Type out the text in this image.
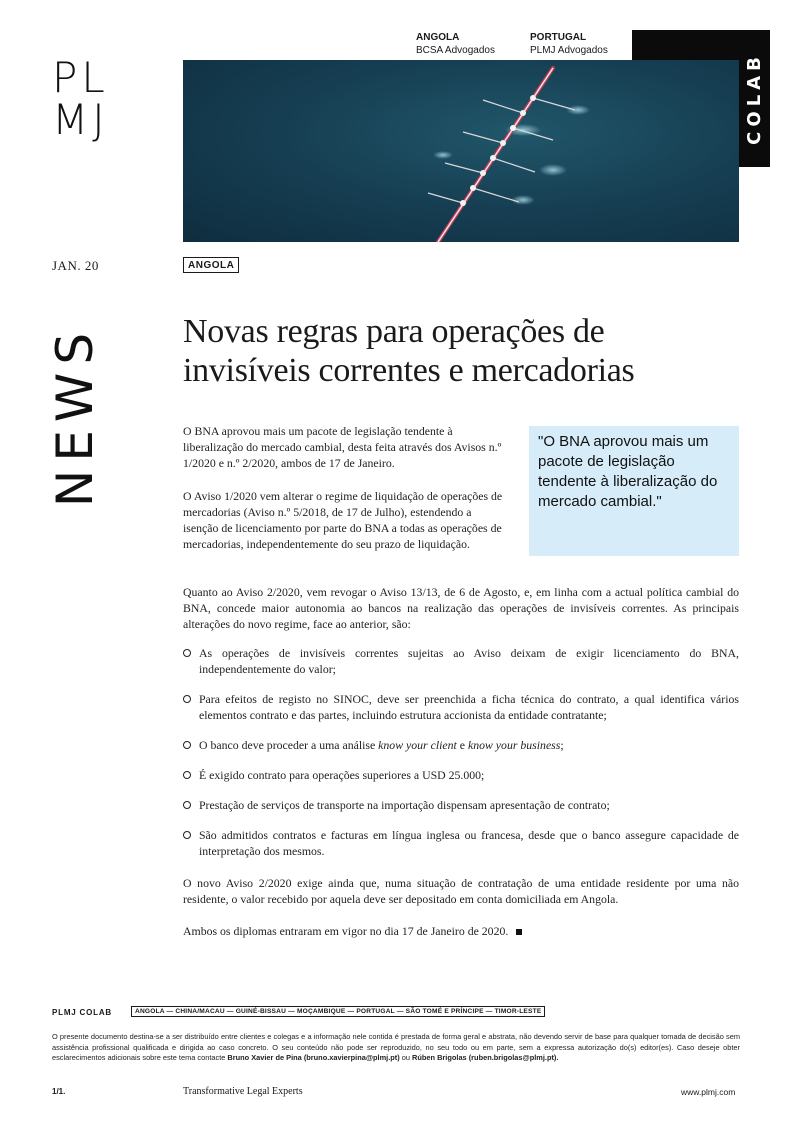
PL
MJ
ANGOLA
BCSA Advogados
PORTUGAL
PLMJ Advogados
COLAB
JAN. 20	ANGOLA
NEWS Novas regras para operações de
invisíveis correntes e mercadorias
O BNA aprovou mais um pacote de legislação tendente à liberalização do mercado cambial, desta feita através dos Avisos n.º 1/2020 e n.º 2/2020, ambos de 17 de Janeiro.
O Aviso 1/2020 vem alterar o regime de liquidação de operações de mercadorias (Aviso n.º 5/2018, de 17 de Julho), estendendo a isenção de licenciamento por parte do BNA a todas as operações de mercadorias, independentemente do seu prazo de liquidação.
"O BNA aprovou mais um pacote de legislação tendente à liberalização do mercado cambial."
Quanto ao Aviso 2/2020, vem revogar o Aviso 13/13, de 6 de Agosto, e, em linha com a actual política cambial do BNA, concede maior autonomia ao bancos na realização das operações de invisíveis correntes. As principais alterações do novo regime, face ao anterior, são:
As operações de invisíveis correntes sujeitas ao Aviso deixam de exigir licenciamento do BNA, independentemente do valor;
Para efeitos de registo no SINOC, deve ser preenchida a ficha técnica do contrato, a qual identifica vários elementos contrato e das partes, incluindo estrutura accionista da entidade contratante;
O banco deve proceder a uma análise know your client e know your business;
É exigido contrato para operações superiores a USD 25.000;
Prestação de serviços de transporte na importação dispensam apresentação de contrato;
São admitidos contratos e facturas em língua inglesa ou francesa, desde que o banco assegure capacidade de interpretação dos mesmos.
O novo Aviso 2/2020 exige ainda que, numa situação de contratação de uma entidade residente por uma não residente, o valor recebido por aquela deve ser depositado em conta domiciliada em Angola.
Ambos os diplomas entraram em vigor no dia 17 de Janeiro de 2020.
PLMJ COLAB	ANGOLA — CHINA/MACAU — GUINÉ-BISSAU — MOÇAMBIQUE — PORTUGAL — SÃO TOMÉ E PRÍNCIPE — TIMOR-LESTE
O presente documento destina-se a ser distribuído entre clientes e colegas e a informação nele contida é prestada de forma geral e abstrata, não devendo servir de base para qualquer tomada de decisão sem assistência profissional qualificada e dirigida ao caso concreto. O seu conteúdo não pode ser reproduzido, no seu todo ou em parte, sem a expressa autorização do(s) editor(es). Caso deseje obter esclarecimentos adicionais sobre este tema contacte Bruno Xavier de Pina (bruno.xavierpina@plmj.pt) ou Rúben Brigolas (ruben.brigolas@plmj.pt).
1/1.	Transformative Legal Experts	www.plmj.com
